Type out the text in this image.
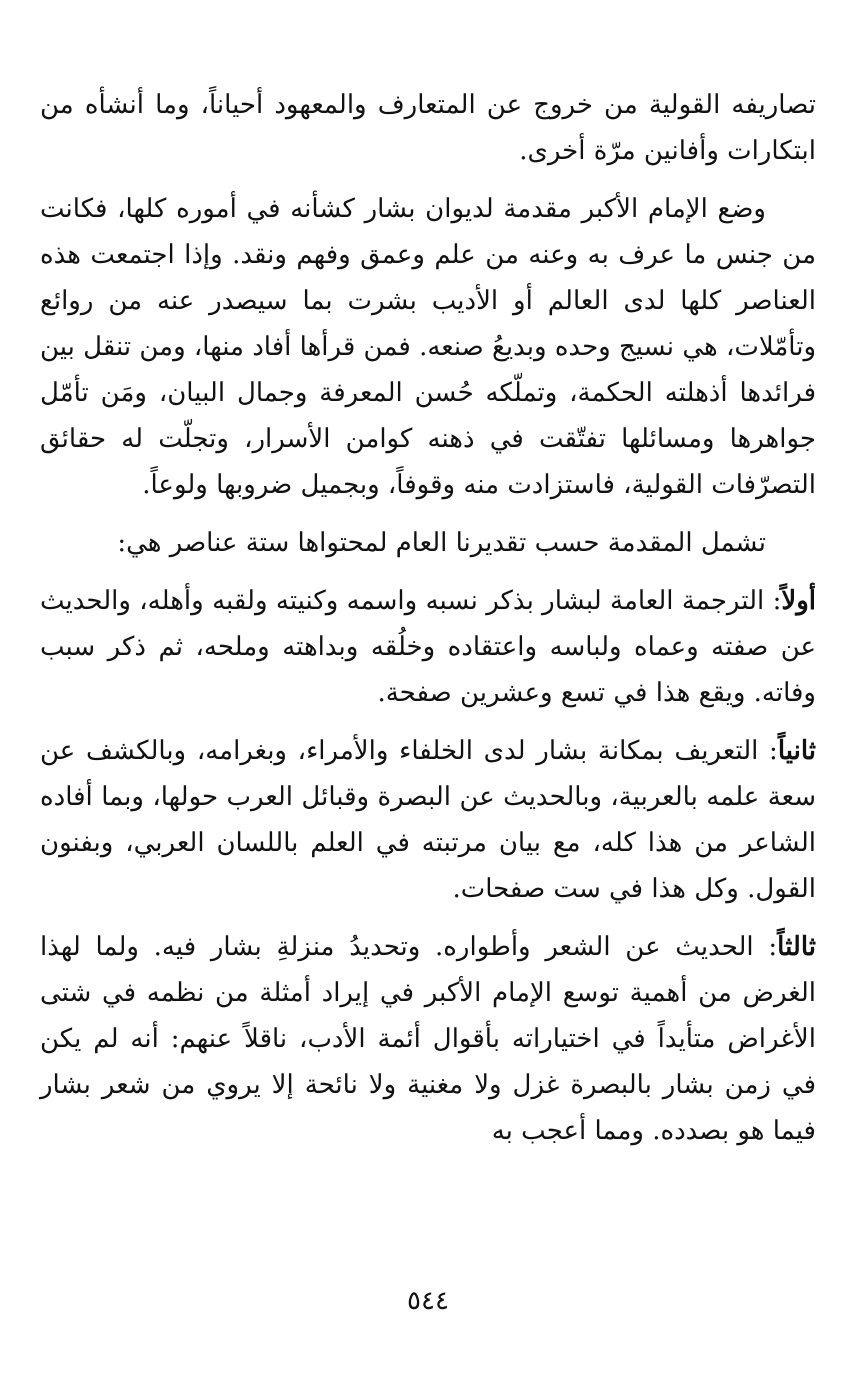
تصاريفه القولية من خروج عن المتعارف والمعهود أحياناً، وما أنشأه من ابتكارات وأفانين مرّة أخرى.

وضع الإمام الأكبر مقدمة لديوان بشار كشأنه في أموره كلها، فكانت من جنس ما عرف به وعنه من علم وعمق وفهم ونقد. وإذا اجتمعت هذه العناصر كلها لدى العالم أو الأديب بشرت بما سيصدر عنه من روائع وتأمّلات، هي نسيج وحده وبديعُ صنعه. فمن قرأها أفاد منها، ومن تنقل بين فرائدها أذهلته الحكمة، وتملّكه حُسن المعرفة وجمال البيان، ومَن تأمّل جواهرها ومسائلها تفتّقت في ذهنه كوامن الأسرار، وتجلّت له حقائق التصرّفات القولية، فاستزادت منه وقوفاً، وبجميل ضروبها ولوعاً.

تشمل المقدمة حسب تقديرنا العام لمحتواها ستة عناصر هي:

أولاً: الترجمة العامة لبشار بذكر نسبه واسمه وكنيته ولقبه وأهله، والحديث عن صفته وعماه ولباسه واعتقاده وخلُقه وبداهته وملحه، ثم ذكر سبب وفاته. ويقع هذا في تسع وعشرين صفحة.

ثانياً: التعريف بمكانة بشار لدى الخلفاء والأمراء، وبغرامه، وبالكشف عن سعة علمه بالعربية، وبالحديث عن البصرة وقبائل العرب حولها، وبما أفاده الشاعر من هذا كله، مع بيان مرتبته في العلم باللسان العربي، وبفنون القول. وكل هذا في ست صفحات.

ثالثاً: الحديث عن الشعر وأطواره. وتحديدُ منزلةِ بشار فيه. ولما لهذا الغرض من أهمية توسع الإمام الأكبر في إيراد أمثلة من نظمه في شتى الأغراض متأيداً في اختياراته بأقوال أئمة الأدب، ناقلاً عنهم: أنه لم يكن في زمن بشار بالبصرة غزل ولا مغنية ولا نائحة إلا يروي من شعر بشار فيما هو بصدده. ومما أعجب به

٥٤٤
